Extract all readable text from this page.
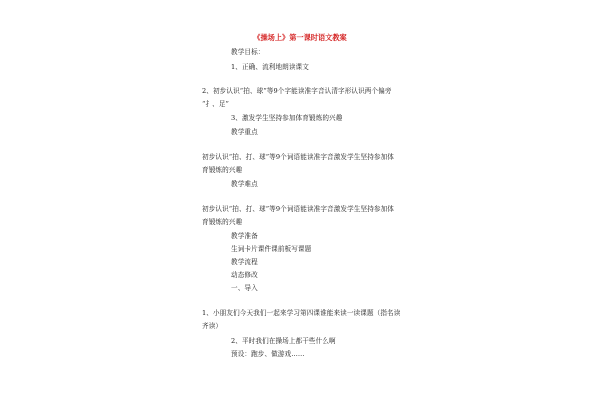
《操场上》第一课时语文教案
教学目标：
1、正确、流利地朗读课文
2、初步认识“拍、球”等9个字能读准字音认清字形认识两个偏旁
“扌、足”
3、激发学生坚持参加体育锻炼的兴趣
教学重点
初步认识“拍、打、球”等9个词语能读准字音激发学生坚持参加体
育锻炼的兴趣
教学难点
初步认识“拍、打、球”等9个词语能读准字音激发学生坚持参加体
育锻炼的兴趣
教学准备
生词卡片课件课前板写课题
教学流程
动态修改
一、导入
1、小朋友们今天我们一起来学习第四课谁能来读一读课题（指名读
齐读）
2、平时我们在操场上都干些什么啊
预设：跑步、做游戏……
